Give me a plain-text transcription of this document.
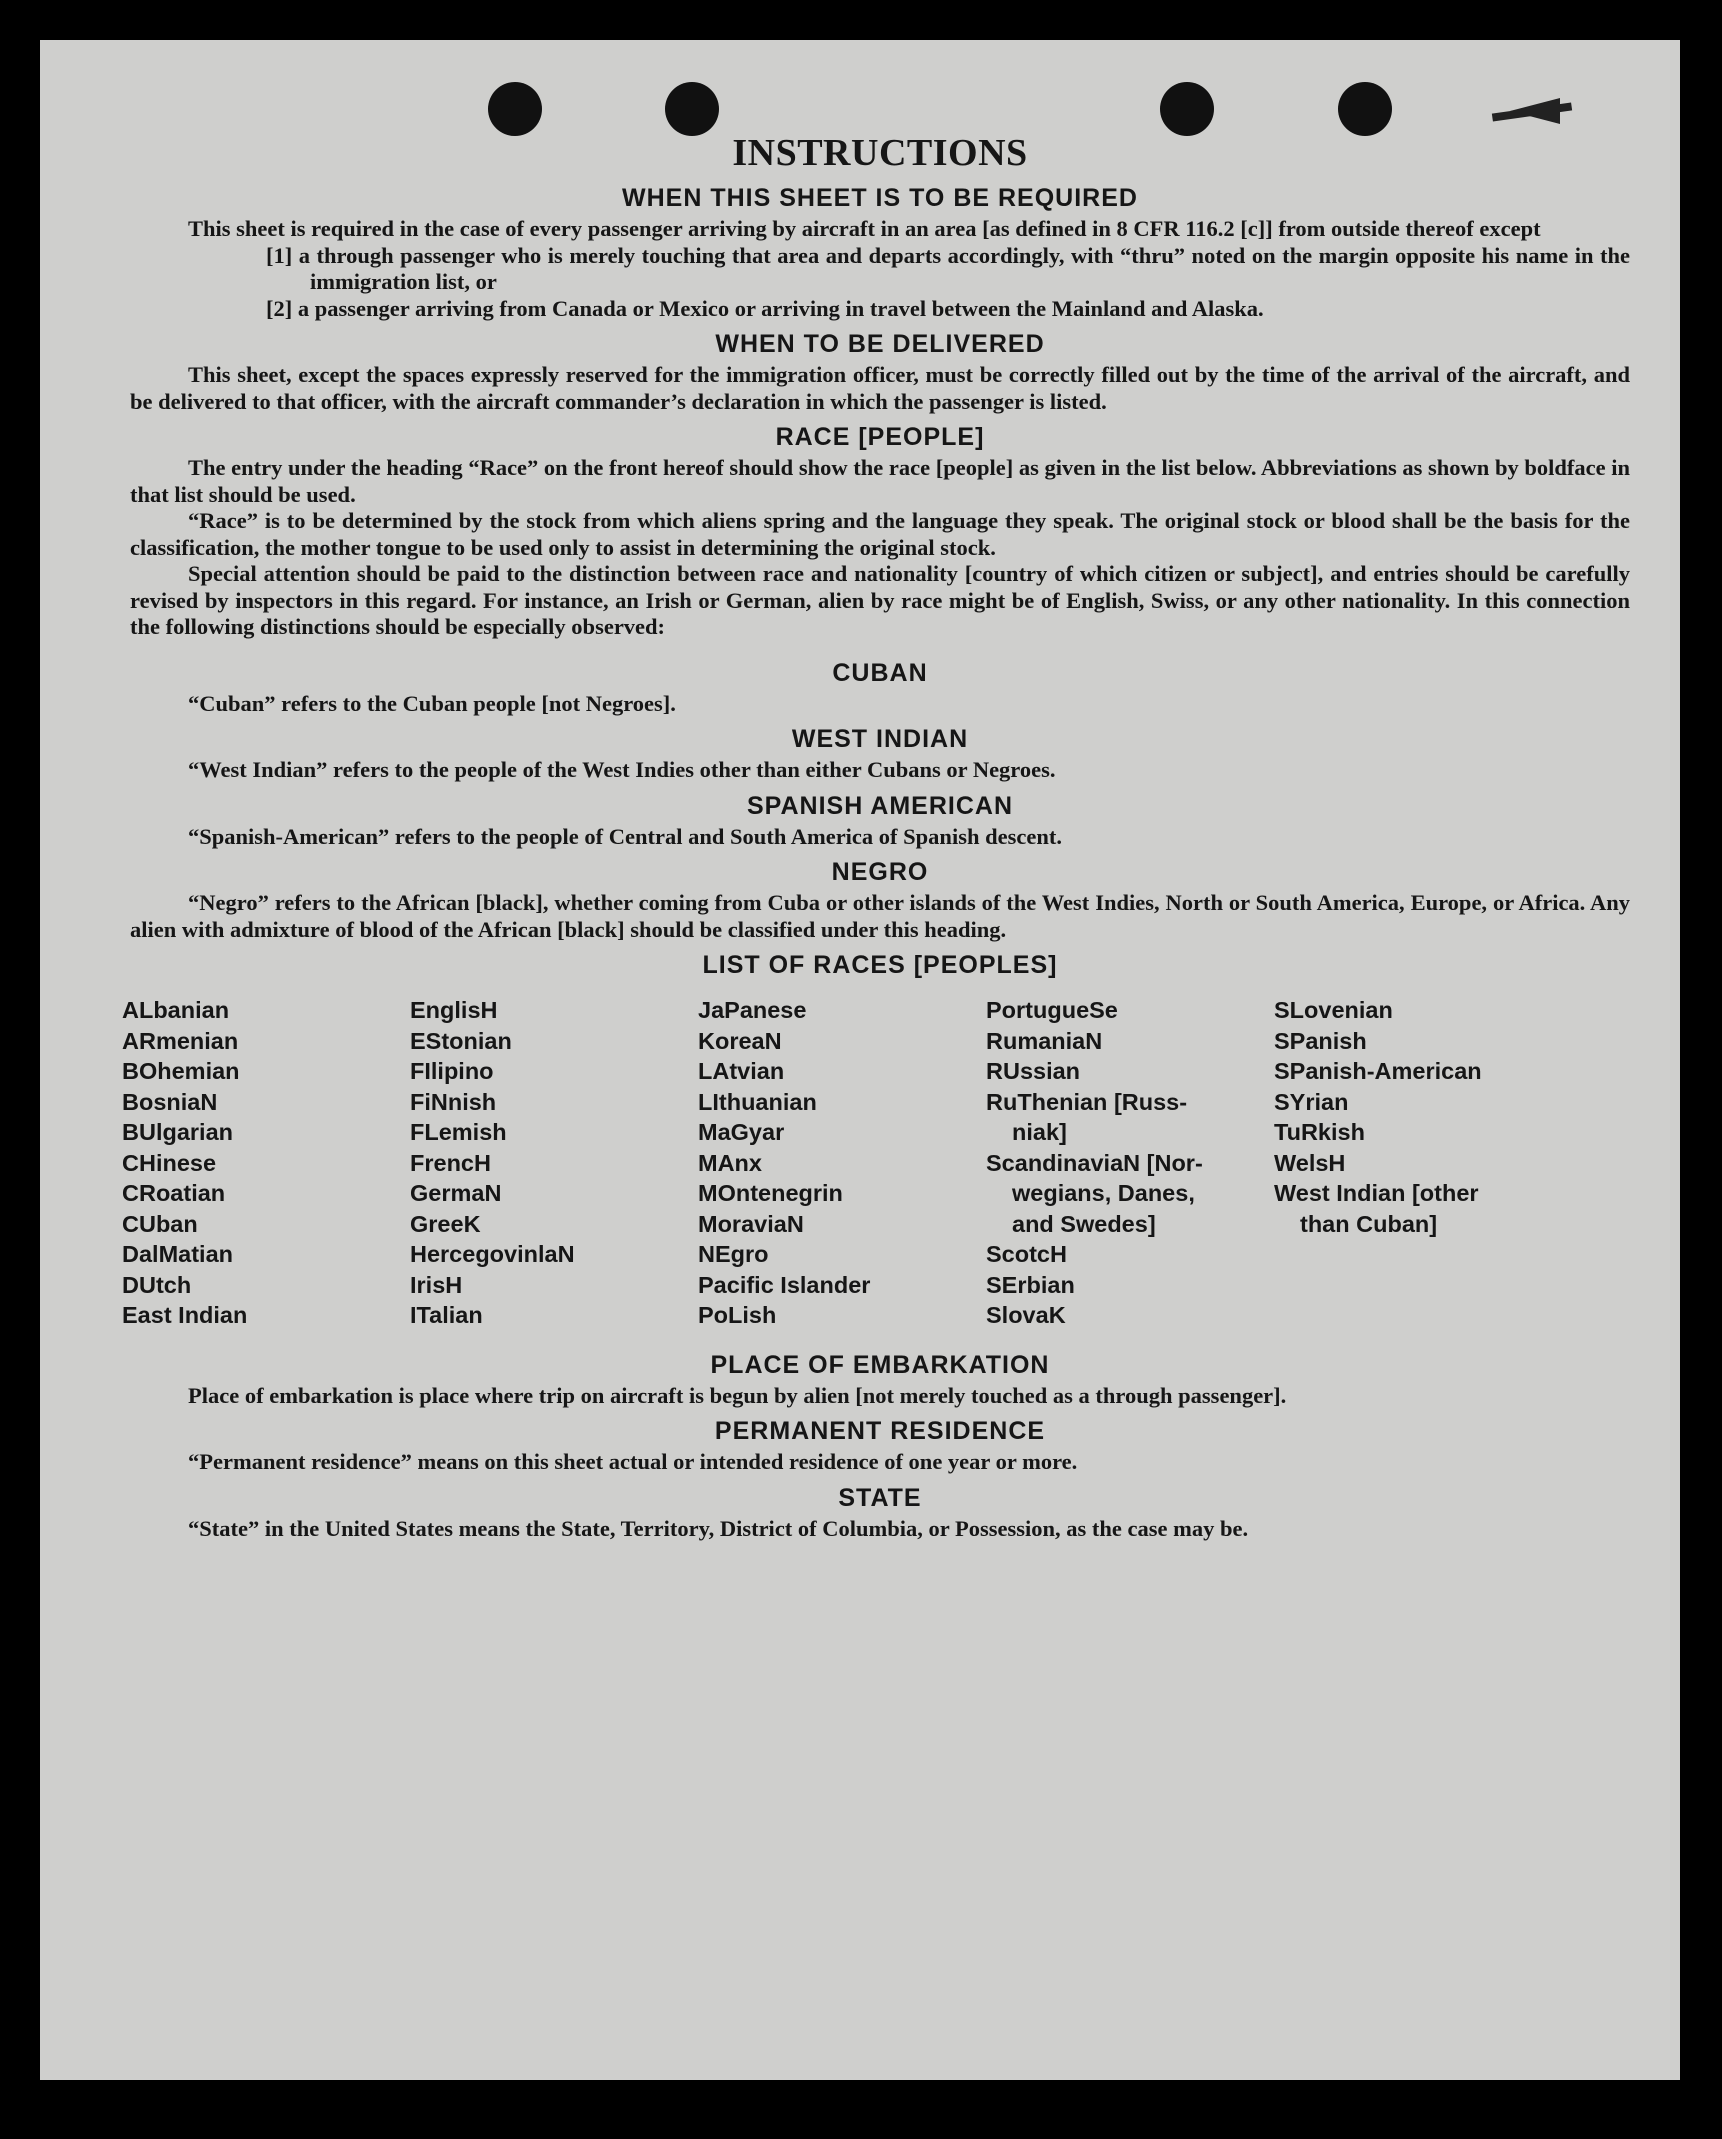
INSTRUCTIONS
WHEN THIS SHEET IS TO BE REQUIRED

This sheet is required in the case of every passenger arriving by aircraft in an area [as defined in 8 CFR 116.2 [c]] from outside thereof except

[1] a through passenger who is merely touching that area and departs accordingly, with “thru” noted on the margin opposite his name in the immigration list, or

[2] a passenger arriving from Canada or Mexico or arriving in travel between the Mainland and Alaska.

WHEN TO BE DELIVERED

This sheet, except the spaces expressly reserved for the immigration officer, must be correctly filled out by the time of the arrival of the aircraft, and be delivered to that officer, with the aircraft commander’s declaration in which the passenger is listed.

RACE [PEOPLE]

The entry under the heading “Race” on the front hereof should show the race [people] as given in the list below. Abbreviations as shown by boldface in that list should be used.

“Race” is to be determined by the stock from which aliens spring and the language they speak. The original stock or blood shall be the basis for the classification, the mother tongue to be used only to assist in determining the original stock.

Special attention should be paid to the distinction between race and nationality [country of which citizen or subject], and entries should be carefully revised by inspectors in this regard. For instance, an Irish or German, alien by race might be of English, Swiss, or any other nationality. In this connection the following distinctions should be especially observed:

CUBAN

“Cuban” refers to the Cuban people [not Negroes].

WEST INDIAN

“West Indian” refers to the people of the West Indies other than either Cubans or Negroes.

SPANISH AMERICAN

“Spanish-American” refers to the people of Central and South America of Spanish descent.

NEGRO

“Negro” refers to the African [black], whether coming from Cuba or other islands of the West Indies, North or South America, Europe, or Africa. Any alien with admixture of blood of the African [black] should be classified under this heading.

LIST OF RACES [PEOPLES]
ALbanian
ARmenian
BOhemian
BosniaN
BUlgarian
CHinese
CRoatian
CUban
DalMatian
DUtch
East Indian
EnglisH
EStonian
FIlipino
FiNnish
FLemish
FrencH
GermaN
GreeK
HercegovinlaN
IrisH
ITalian
JaPanese
KoreaN
LAtvian
LIthuanian
MaGyar
MAnx
MOntenegrin
MoraviaN
NEgro
Pacific Islander
PoLish
PortugueSe
RumaniaN
RUssian
RuThenian [Russ-
niak]
ScandinaviaN [Nor-
wegians, Danes,
and Swedes]
ScotcH
SErbian
SlovaK
SLovenian
SPanish
SPanish-American
SYrian
TuRkish
WelsH
West Indian [other
than Cuban]
PLACE OF EMBARKATION

Place of embarkation is place where trip on aircraft is begun by alien [not merely touched as a through passenger].

PERMANENT RESIDENCE

“Permanent residence” means on this sheet actual or intended residence of one year or more.

STATE

“State” in the United States means the State, Territory, District of Columbia, or Possession, as the case may be.
